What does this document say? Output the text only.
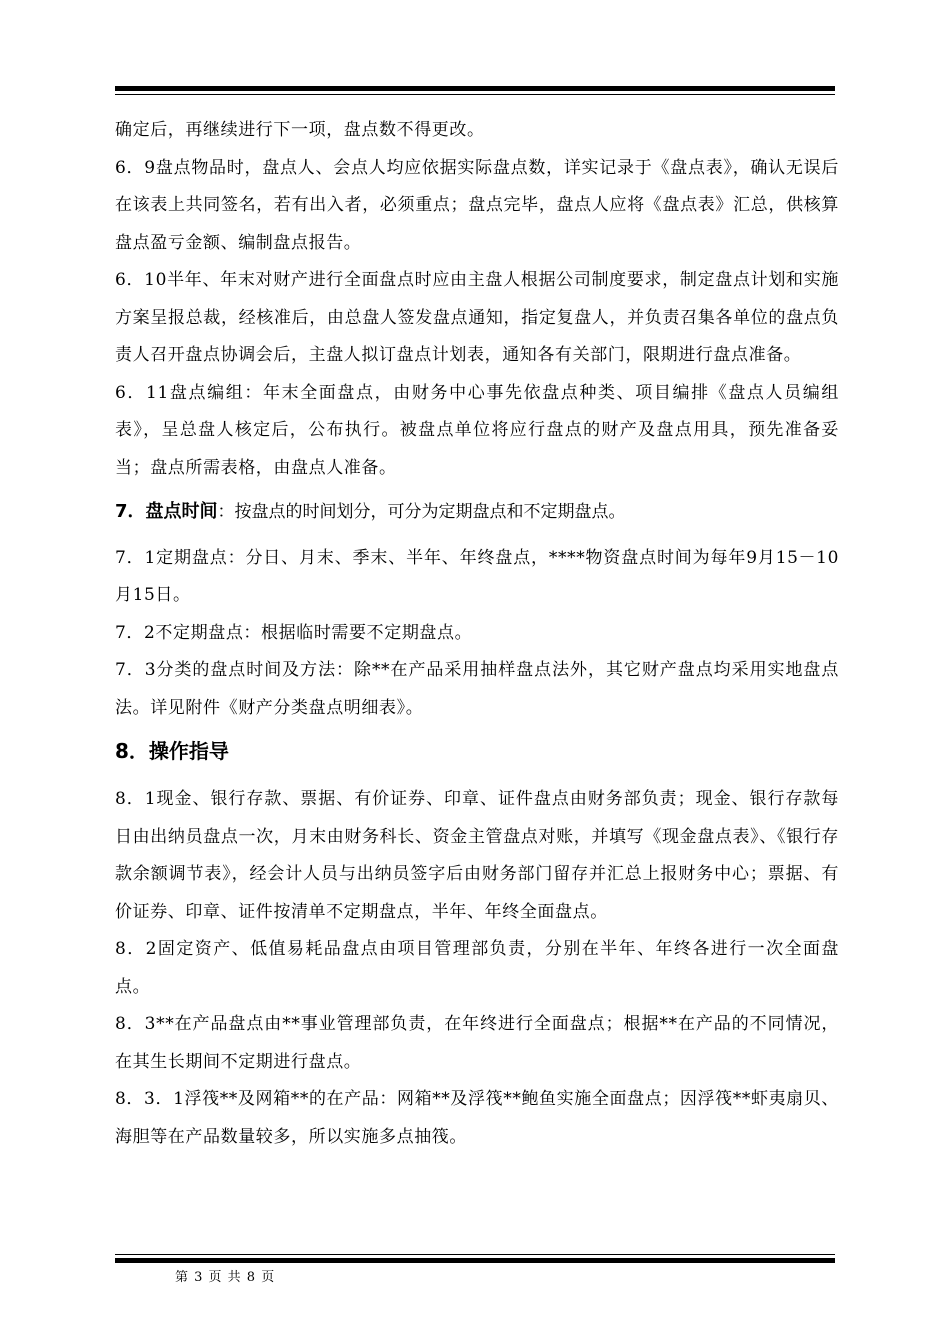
确定后，再继续进行下一项，盘点数不得更改。

6．9盘点物品时，盘点人、会点人均应依据实际盘点数，详实记录于《盘点表》，确认无误后在该表上共同签名，若有出入者，必须重点；盘点完毕，盘点人应将《盘点表》汇总，供核算盘点盈亏金额、编制盘点报告。

6．10半年、年末对财产进行全面盘点时应由主盘人根据公司制度要求，制定盘点计划和实施方案呈报总裁，经核准后，由总盘人签发盘点通知，指定复盘人，并负责召集各单位的盘点负责人召开盘点协调会后，主盘人拟订盘点计划表，通知各有关部门，限期进行盘点准备。

6．11盘点编组：年末全面盘点，由财务中心事先依盘点种类、项目编排《盘点人员编组表》，呈总盘人核定后，公布执行。被盘点单位将应行盘点的财产及盘点用具，预先准备妥当；盘点所需表格，由盘点人准备。

7．盘点时间：按盘点的时间划分，可分为定期盘点和不定期盘点。

7．1定期盘点：分日、月末、季末、半年、年终盘点，****物资盘点时间为每年9月15－10月15日。

7．2不定期盘点：根据临时需要不定期盘点。

7．3分类的盘点时间及方法：除**在产品采用抽样盘点法外，其它财产盘点均采用实地盘点法。详见附件《财产分类盘点明细表》。

8．操作指导

8．1现金、银行存款、票据、有价证券、印章、证件盘点由财务部负责；现金、银行存款每日由出纳员盘点一次，月末由财务科长、资金主管盘点对账，并填写《现金盘点表》、《银行存款余额调节表》，经会计人员与出纳员签字后由财务部门留存并汇总上报财务中心；票据、有价证券、印章、证件按清单不定期盘点，半年、年终全面盘点。

8．2固定资产、低值易耗品盘点由项目管理部负责，分别在半年、年终各进行一次全面盘点。

8．3**在产品盘点由**事业管理部负责，在年终进行全面盘点；根据**在产品的不同情况，在其生长期间不定期进行盘点。

8．3．1浮筏**及网箱**的在产品：网箱**及浮筏**鲍鱼实施全面盘点；因浮筏**虾夷扇贝、海胆等在产品数量较多，所以实施多点抽筏。

第 3 页 共 8 页
